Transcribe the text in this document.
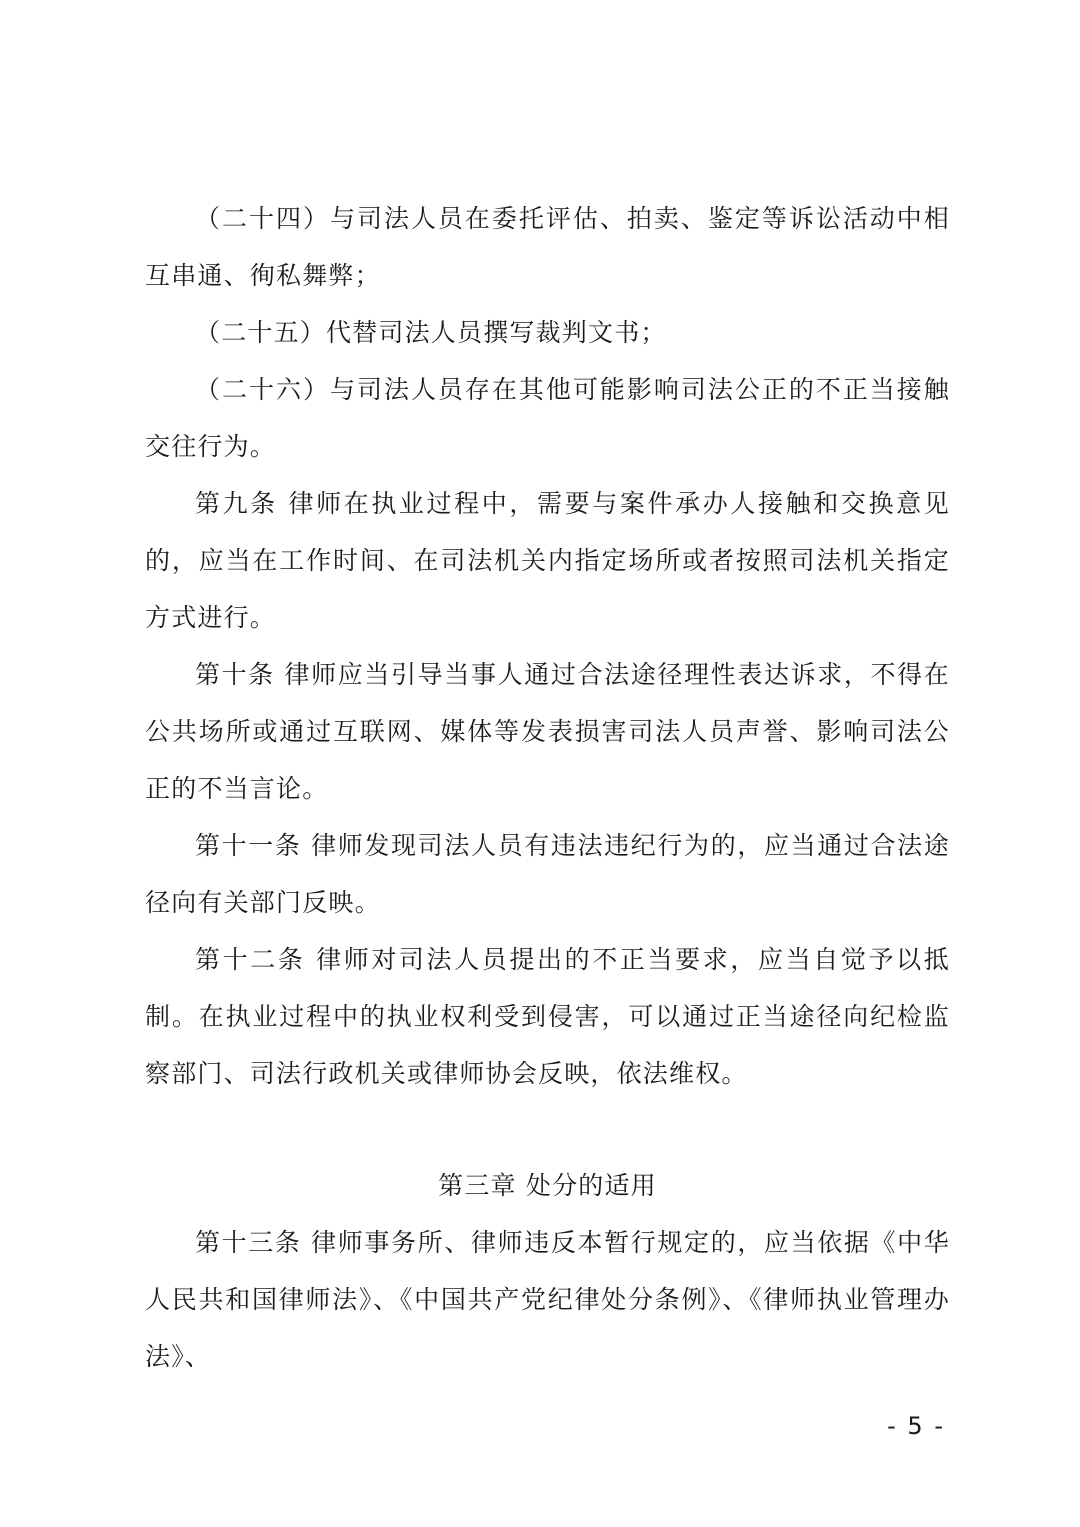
（二十四）与司法人员在委托评估、拍卖、鉴定等诉讼活动中相互串通、徇私舞弊；

（二十五）代替司法人员撰写裁判文书；

（二十六）与司法人员存在其他可能影响司法公正的不正当接触交往行为。

第九条 律师在执业过程中，需要与案件承办人接触和交换意见的，应当在工作时间、在司法机关内指定场所或者按照司法机关指定方式进行。

第十条 律师应当引导当事人通过合法途径理性表达诉求，不得在公共场所或通过互联网、媒体等发表损害司法人员声誉、影响司法公正的不当言论。

第十一条 律师发现司法人员有违法违纪行为的，应当通过合法途径向有关部门反映。

第十二条 律师对司法人员提出的不正当要求，应当自觉予以抵制。在执业过程中的执业权利受到侵害，可以通过正当途径向纪检监察部门、司法行政机关或律师协会反映，依法维权。

第三章 处分的适用

第十三条 律师事务所、律师违反本暂行规定的，应当依据《中华人民共和国律师法》、《中国共产党纪律处分条例》、《律师执业管理办法》、

- 5 -
